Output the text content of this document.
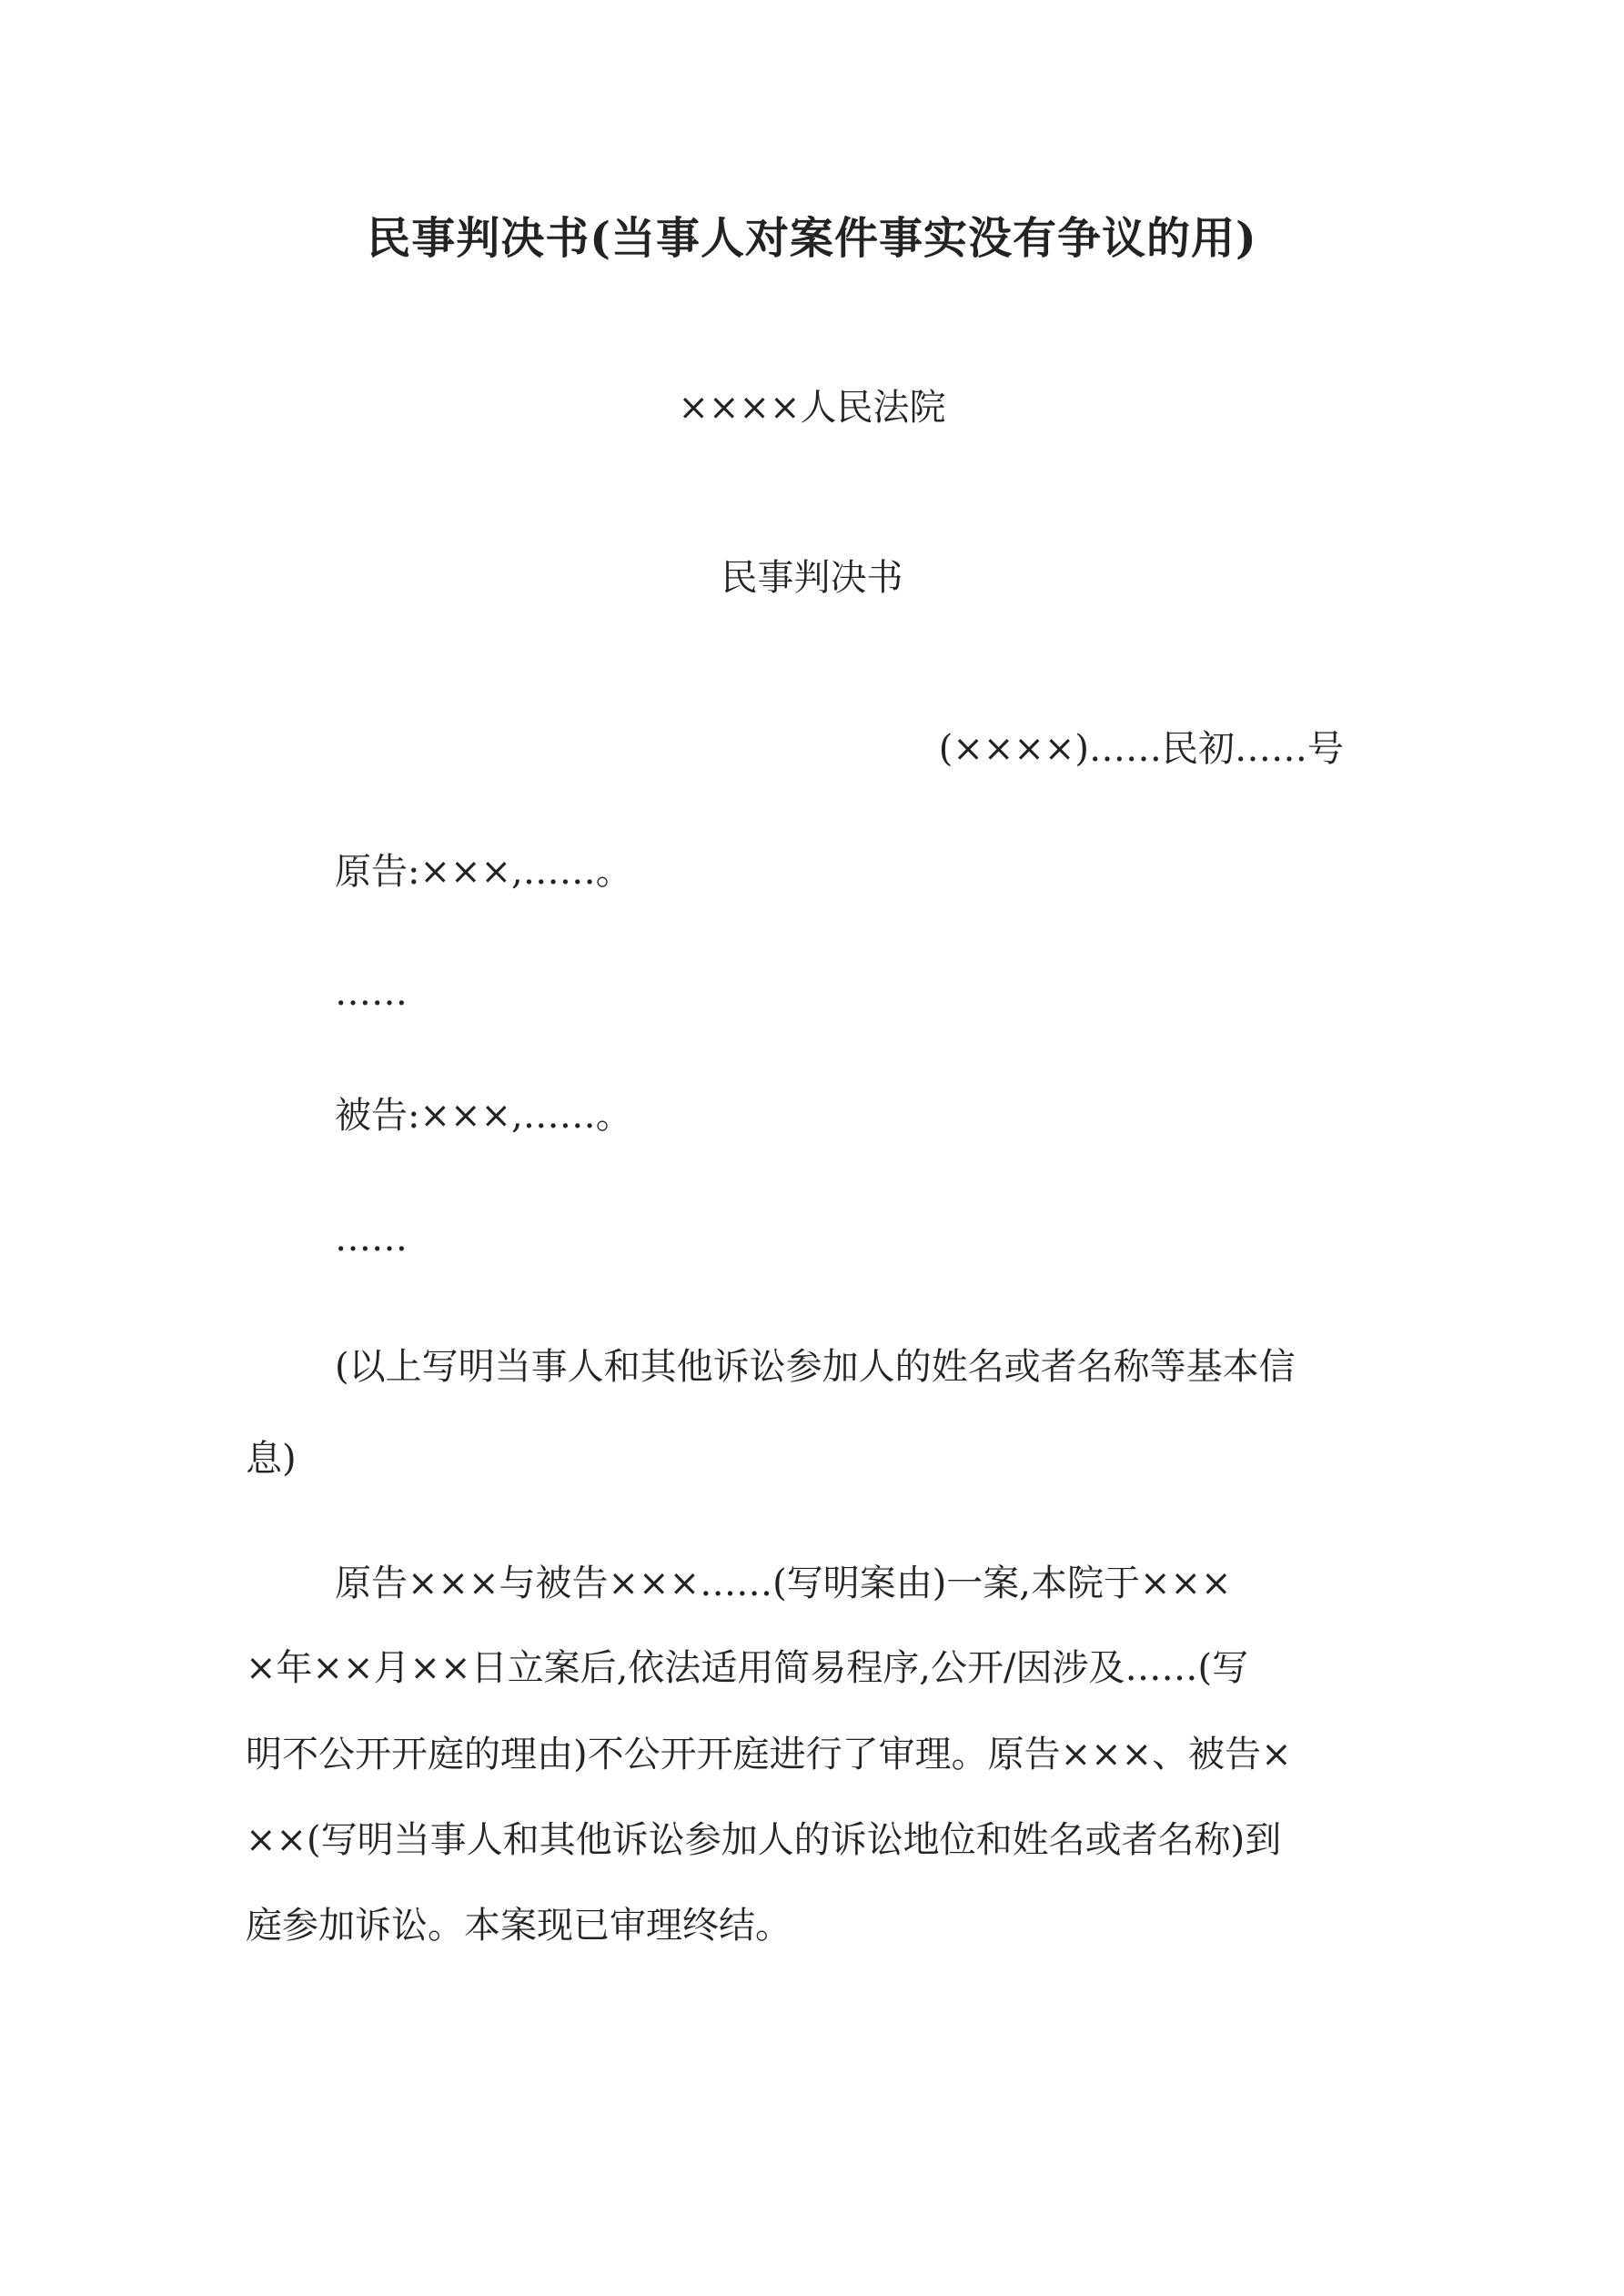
民事判决书(当事人对案件事实没有争议的用)
××××人民法院
民事判决书
(××××)……民初……号
原告:×××,……。
……
被告:×××,……。
……
(以上写明当事人和其他诉讼参加人的姓名或者名称等基本信
息)
原告×××与被告×××……(写明案由)一案,本院于×××
×年××月××日立案后,依法适用简易程序,公开/因涉及……(写
明不公开开庭的理由)不公开开庭进行了审理。原告×××、被告×
××(写明当事人和其他诉讼参加人的诉讼地位和姓名或者名称)到
庭参加诉讼。本案现已审理终结。
